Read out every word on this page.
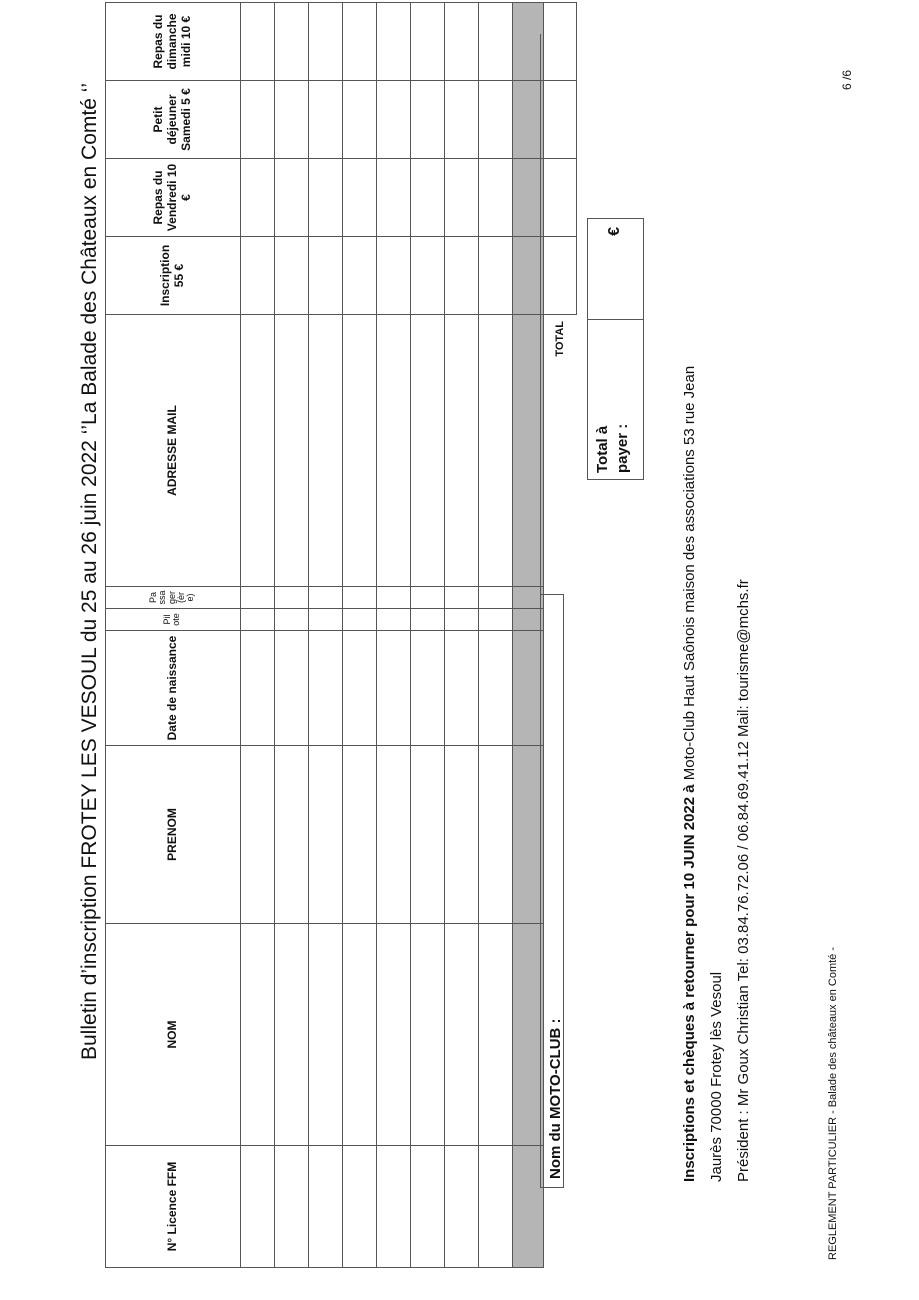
Bulletin d’inscription FROTEY LES VESOUL du 25 au 26 juin 2022 ‘’La Balade des Châteaux en Comté ‘’
N° Licence FFM	NOM	PRENOM	Date de naissance	Pilote	Passager (ère)	ADRESSE MAIL	Inscription 55 €	Repas du Vendredi 10 €	Petit déjeuner Samedi 5 €	Repas du dimanche midi 10 €

						TOTAL				
Nom du MOTO-CLUB :
Total à payer :
€
Inscriptions et chèques à retourner pour 10 JUIN 2022 à Moto-Club Haut Saônois maison des associations 53 rue Jean
Jaurès 70000 Frotey lès Vesoul Président : Mr Goux Christian Tel: 03.84.76.72.06 / 06.84.69.41.12 Mail: tourisme@mchs.fr	REGLEMENT PARTICULIER - Balade des châteaux en Comté -
6 /6
